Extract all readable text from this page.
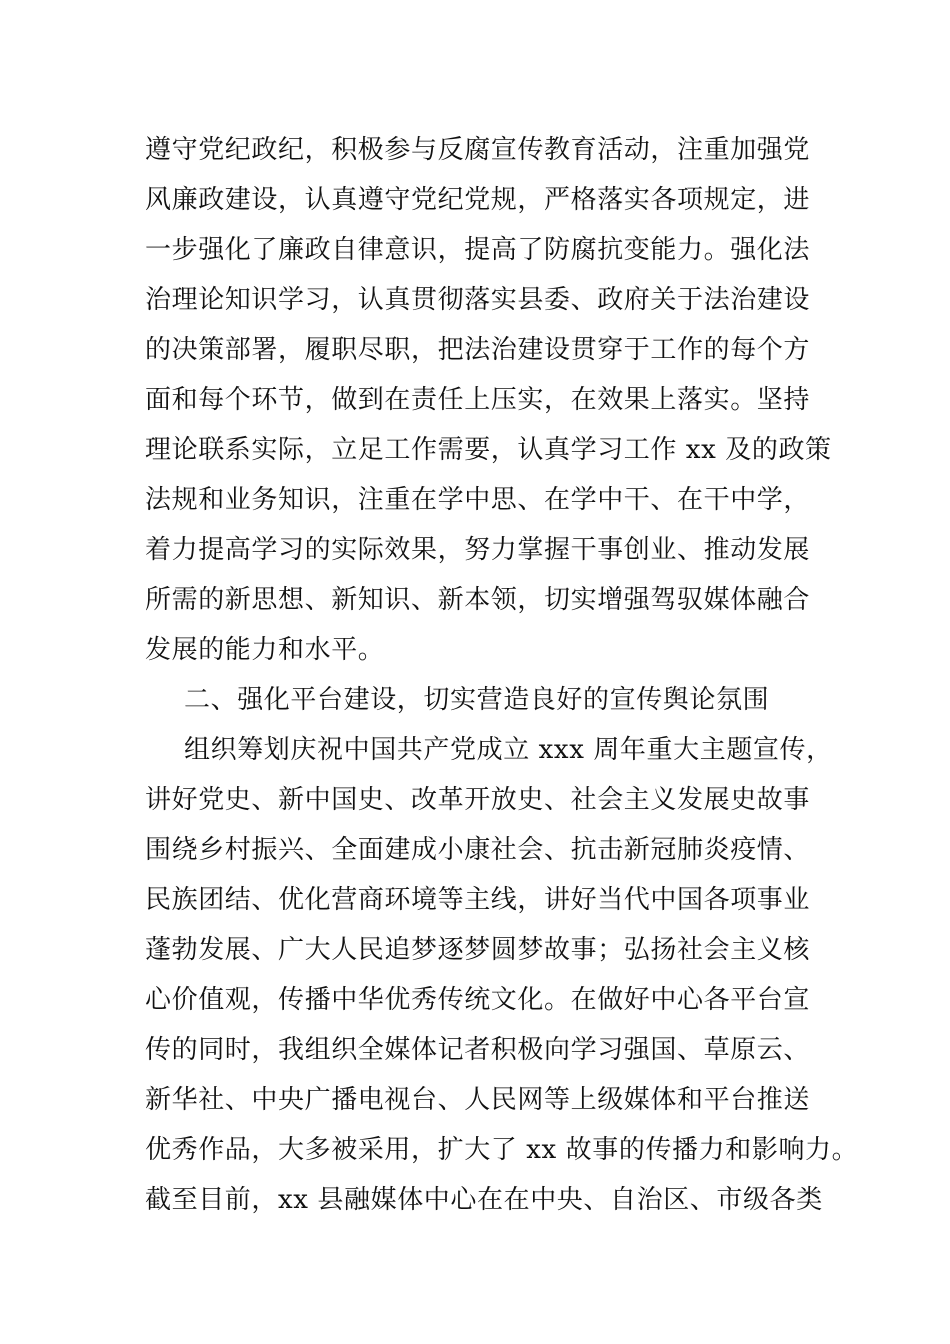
遵守党纪政纪，积极参与反腐宣传教育活动，注重加强党
风廉政建设，认真遵守党纪党规，严格落实各项规定，进
一步强化了廉政自律意识，提高了防腐抗变能力。强化法
治理论知识学习，认真贯彻落实县委、政府关于法治建设
的决策部署，履职尽职，把法治建设贯穿于工作的每个方
面和每个环节，做到在责任上压实，在效果上落实。坚持
理论联系实际，立足工作需要，认真学习工作 xx 及的政策
法规和业务知识，注重在学中思、在学中干、在干中学，
着力提高学习的实际效果，努力掌握干事创业、推动发展
所需的新思想、新知识、新本领，切实增强驾驭媒体融合
发展的能力和水平。
二、强化平台建设，切实营造良好的宣传舆论氛围
组织筹划庆祝中国共产党成立 xxx 周年重大主题宣传，
讲好党史、新中国史、改革开放史、社会主义发展史故事
围绕乡村振兴、全面建成小康社会、抗击新冠肺炎疫情、
民族团结、优化营商环境等主线，讲好当代中国各项事业
蓬勃发展、广大人民追梦逐梦圆梦故事；弘扬社会主义核
心价值观，传播中华优秀传统文化。在做好中心各平台宣
传的同时，我组织全媒体记者积极向学习强国、草原云、
新华社、中央广播电视台、人民网等上级媒体和平台推送
优秀作品，大多被采用，扩大了 xx 故事的传播力和影响力。
截至目前，xx 县融媒体中心在在中央、自治区、市级各类
